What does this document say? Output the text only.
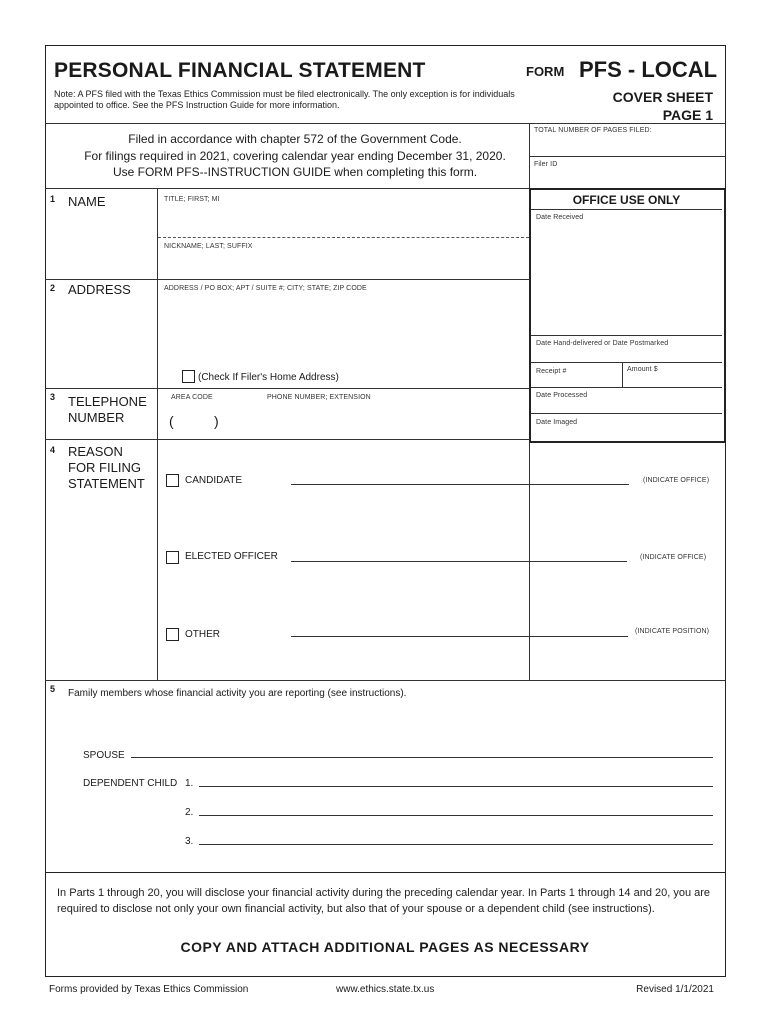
PERSONAL FINANCIAL STATEMENT
Note: A PFS filed with the Texas Ethics Commission must be filed electronically. The only exception is for individuals appointed to office. See the PFS Instruction Guide for more information.
FORM PFS - LOCAL
COVER SHEET
PAGE 1
Filed in accordance with chapter 572 of the Government Code.
For filings required in 2021, covering calendar year ending December 31, 2020.
Use FORM PFS--INSTRUCTION GUIDE when completing this form.
TOTAL NUMBER OF PAGES FILED:
Filer ID
OFFICE USE ONLY
Date Received
Date Hand-delivered or Date Postmarked
Receipt #	Amount $
Date Processed
Date Imaged
1 NAME	TITLE; FIRST; MI
NICKNAME; LAST; SUFFIX
2 ADDRESS	ADDRESS / PO BOX; APT / SUITE #; CITY; STATE; ZIP CODE
(Check If Filer's Home Address)
3 TELEPHONE
NUMBER
AREA CODE	PHONE NUMBER; EXTENSION
(	)
4 REASON
FOR FILING
STATEMENT	CANDIDATE	(INDICATE OFFICE)
ELECTED OFFICER	(INDICATE OFFICE)
OTHER	(INDICATE POSITION)
5 Family members whose financial activity you are reporting (see instructions).
SPOUSE
DEPENDENT CHILD 1.
2.
3.
In Parts 1 through 20, you will disclose your financial activity during the preceding calendar year. In Parts 1 through 14 and 20, you are required to disclose not only your own financial activity, but also that of your spouse or a dependent child (see instructions).
COPY AND ATTACH ADDITIONAL PAGES AS NECESSARY
Forms provided by Texas Ethics Commission	www.ethics.state.tx.us	Revised 1/1/2021
